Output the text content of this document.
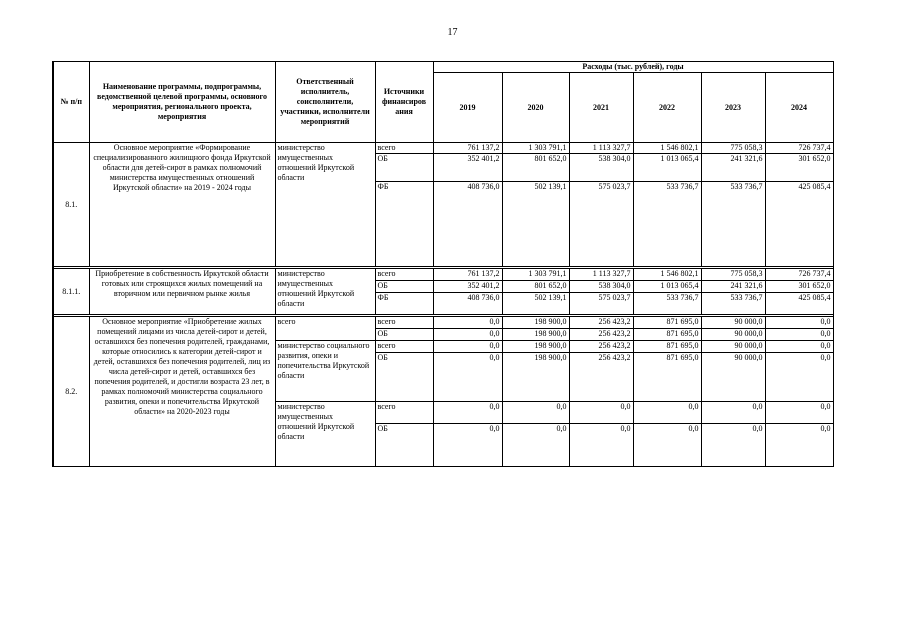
17
№ п/п	Наименование программы, подпрограммы, ведомственной целевой программы, основного мероприятия, регионального проекта, мероприятия	Ответственный исполнитель, соисполнители, участники, исполнители мероприятий	Источники финансиров ания	Расходы (тыс. рублей), годы					
				2019	2020	2021	2022	2023	2024
8.1.	Основное мероприятие «Формирование специализированного жилищного фонда Иркутской области для детей-сирот в рамках полномочий министерства имущественных отношений Иркутской области» на 2019 - 2024 годы	министерство имущественных отношений Иркутской области	всего	761 137,2	1 303 791,1	1 113 327,7	1 546 802,1	775 058,3	726 737,4
			ОБ	352 401,2	801 652,0	538 304,0	1 013 065,4	241 321,6	301 652,0
			ФБ	408 736,0	502 139,1	575 023,7	533 736,7	533 736,7	425 085,4

8.1.1.	Приобретение в собственность Иркутской области готовых или строящихся жилых помещений на вторичном или первичном рынке жилья	министерство имущественных отношений Иркутской области	всего	761 137,2	1 303 791,1	1 113 327,7	1 546 802,1	775 058,3	726 737,4
			ОБ	352 401,2	801 652,0	538 304,0	1 013 065,4	241 321,6	301 652,0
			ФБ	408 736,0	502 139,1	575 023,7	533 736,7	533 736,7	425 085,4

8.2.	Основное мероприятие «Приобретение жилых помещений лицами из числа детей-сирот и детей, оставшихся без попечения родителей, гражданами, которые относились к категории детей-сирот и детей, оставшихся без попечения родителей, лиц из числа детей-сирот и детей, оставшихся без попечения родителей, и достигли возраста 23 лет, в рамках полномочий министерства социального развития, опеки и попечительства Иркутской области» на 2020-2023 годы	всего	всего	0,0	198 900,0	256 423,2	871 695,0	90 000,0	0,0
			ОБ	0,0	198 900,0	256 423,2	871 695,0	90 000,0	0,0
		министерство социального развития, опеки и попечительства Иркутской области	всего	0,0	198 900,0	256 423,2	871 695,0	90 000,0	0,0
			ОБ	0,0	198 900,0	256 423,2	871 695,0	90 000,0	0,0
		министерство имущественных отношений Иркутской области	всего	0,0	0,0	0,0	0,0	0,0	0,0
			ОБ	0,0	0,0	0,0	0,0	0,0	0,0
